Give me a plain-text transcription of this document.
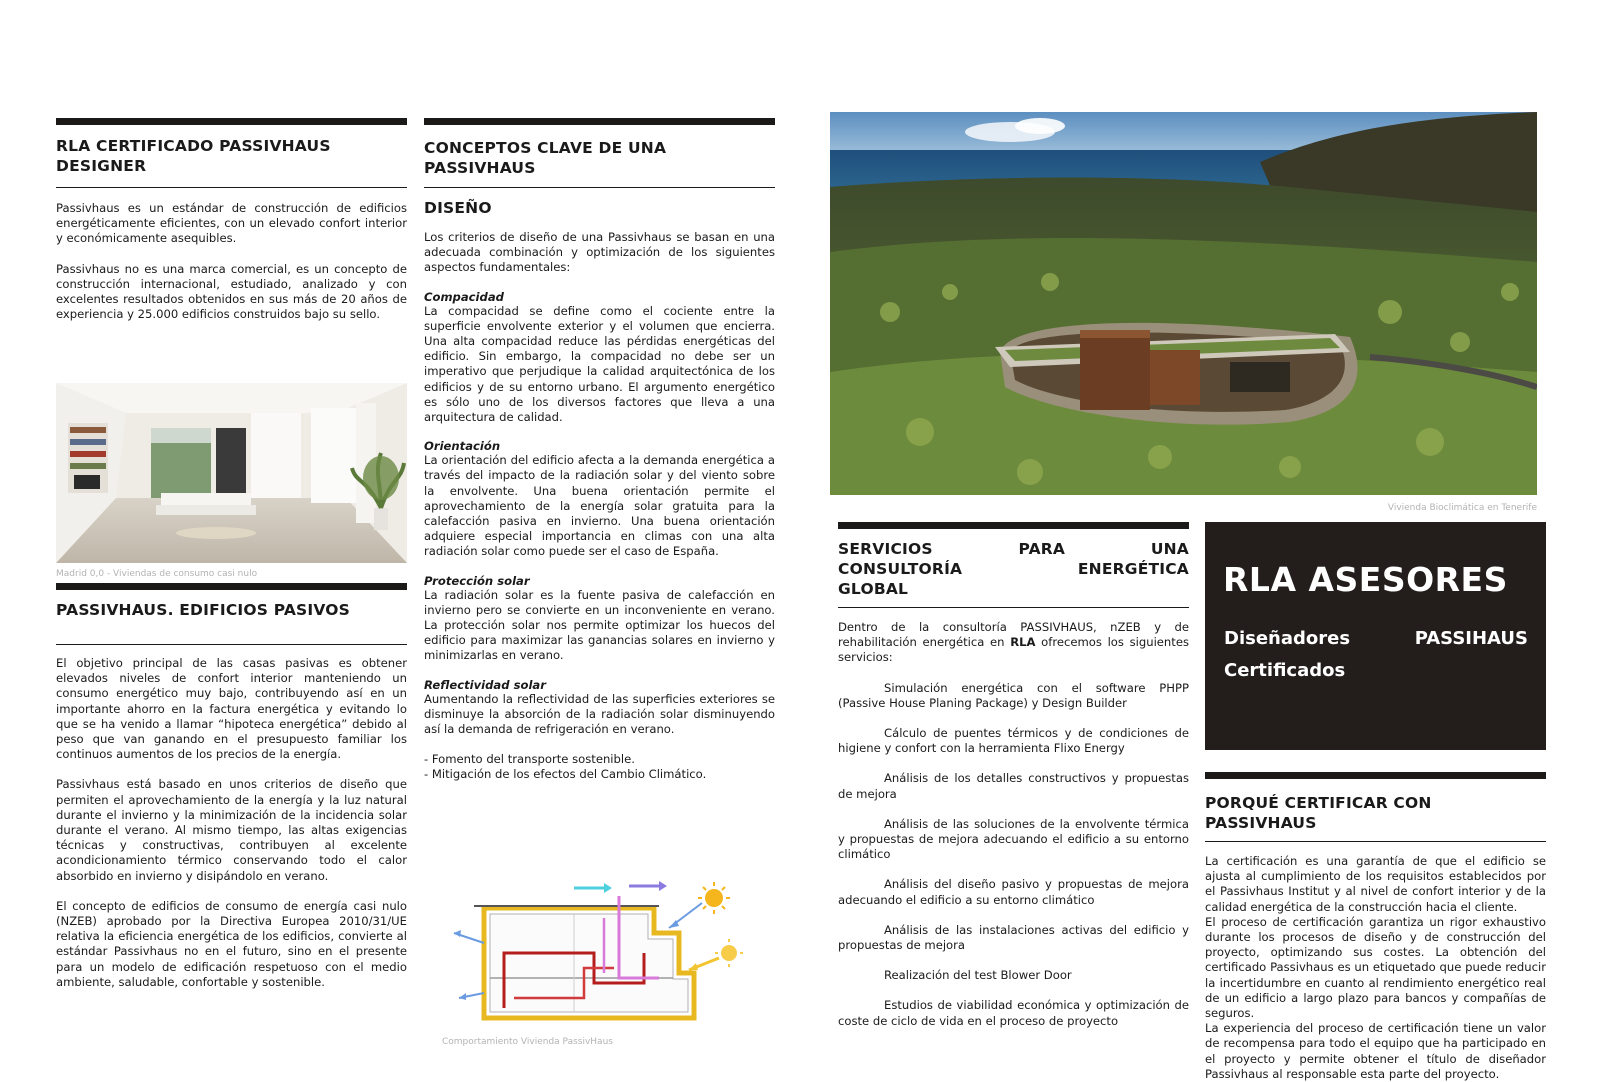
RLA CERTIFICADO PASSIVHAUS DESIGNER

Passivhaus es un estándar de construcción de edificios energéticamente eficientes, con un elevado confort interior y económicamente asequibles.

Passivhaus no es una marca comercial, es un concepto de construcción internacional, estudiado, analizado y con excelentes resultados obtenidos en sus más de 20 años de experiencia y 25.000 edificios construidos bajo su sello.

Madrid 0,0 - Viviendas de consumo casi nulo
PASSIVHAUS. EDIFICIOS PASIVOS

El objetivo principal de las casas pasivas es obtener elevados niveles de confort interior manteniendo un consumo energético muy bajo, contribuyendo así en un importante ahorro en la factura energética y evitando lo que se ha venido a llamar “hipoteca energética” debido al peso que van ganando en el presupuesto familiar los continuos aumentos de los precios de la energía.

Passivhaus está basado en unos criterios de diseño que permiten el aprovechamiento de la energía y la luz natural durante el invierno y la minimización de la incidencia solar durante el verano. Al mismo tiempo, las altas exigencias técnicas y constructivas, contribuyen al excelente acondicionamiento térmico conservando todo el calor absorbido en invierno y disipándolo en verano.

El concepto de edificios de consumo de energía casi nulo (NZEB) aprobado por la Directiva Europea 2010/31/UE relativa la eficiencia energética de los edificios, convierte al estándar Passivhaus no en el futuro, sino en el presente para un modelo de edificación respetuoso con el medio ambiente, saludable, confortable y sostenible.

CONCEPTOS CLAVE DE UNA PASSIVHAUS
DISEÑO

Los criterios de diseño de una Passivhaus se basan en una adecuada combinación y optimización de los siguientes aspectos fundamentales:

Compacidad

La compacidad se define como el cociente entre la superficie envolvente exterior y el volumen que encierra. Una alta compacidad reduce las pérdidas energéticas del edificio. Sin embargo, la compacidad no debe ser un imperativo que perjudique la calidad arquitectónica de los edificios y de su entorno urbano. El argumento energético es sólo uno de los diversos factores que lleva a una arquitectura de calidad.

Orientación

La orientación del edificio afecta a la demanda energética a través del impacto de la radiación solar y del viento sobre la envolvente. Una buena orientación permite el aprovechamiento de la energía solar gratuita para la calefacción pasiva en invierno. Una buena orientación adquiere especial importancia en climas con una alta radiación solar como puede ser el caso de España.

Protección solar

La radiación solar es la fuente pasiva de calefacción en invierno pero se convierte en un inconveniente en verano. La protección solar nos permite optimizar los huecos del edificio para maximizar las ganancias solares en invierno y minimizarlas en verano.

Reflectividad solar

Aumentando la reflectividad de las superficies exteriores se disminuye la absorción de la radiación solar disminuyendo así la demanda de refrigeración en verano.

- Fomento del transporte sostenible.

- Mitigación de los efectos del Cambio Climático.

Comportamiento Vivienda PassivHaus
Vivienda Bioclimática en Tenerife
SERVICIOS PARA UNA CONSULTORÍA ENERGÉTICA GLOBAL

Dentro de la consultoría PASSIVHAUS, nZEB y de rehabilitación energética en RLA ofrecemos los siguientes servicios:

Simulación energética con el software PHPP (Passive House Planing Package) y Design Builder

Cálculo de puentes térmicos y de condiciones de higiene y confort con la herramienta Flixo Energy

Análisis de los detalles constructivos y propuestas de mejora

Análisis de las soluciones de la envolvente térmica y propuestas de mejora adecuando el edificio a su entorno climático

Análisis del diseño pasivo y propuestas de mejora adecuando el edificio a su entorno climático

Análisis de las instalaciones activas del edificio y propuestas de mejora

Realización del test Blower Door

Estudios de viabilidad económica y optimización de coste de ciclo de vida en el proceso de proyecto

RLA ASESORES
Diseñadores	PASSIHAUS
Certificados
PORQUÉ CERTIFICAR CON PASSIVHAUS

La certificación es una garantía de que el edificio se ajusta al cumplimiento de los requisitos establecidos por el Passivhaus Institut y al nivel de confort interior y de la calidad energética de la construcción hacia el cliente.

El proceso de certificación garantiza un rigor exhaustivo durante los procesos de diseño y de construcción del proyecto, optimizando sus costes. La obtención del certificado Passivhaus es un etiquetado que puede reducir la incertidumbre en cuanto al rendimiento energético real de un edificio a largo plazo para bancos y compañías de seguros.

La experiencia del proceso de certificación tiene un valor de recompensa para todo el equipo que ha participado en el proyecto y permite obtener el título de diseñador Passivhaus al responsable esta parte del proyecto.
